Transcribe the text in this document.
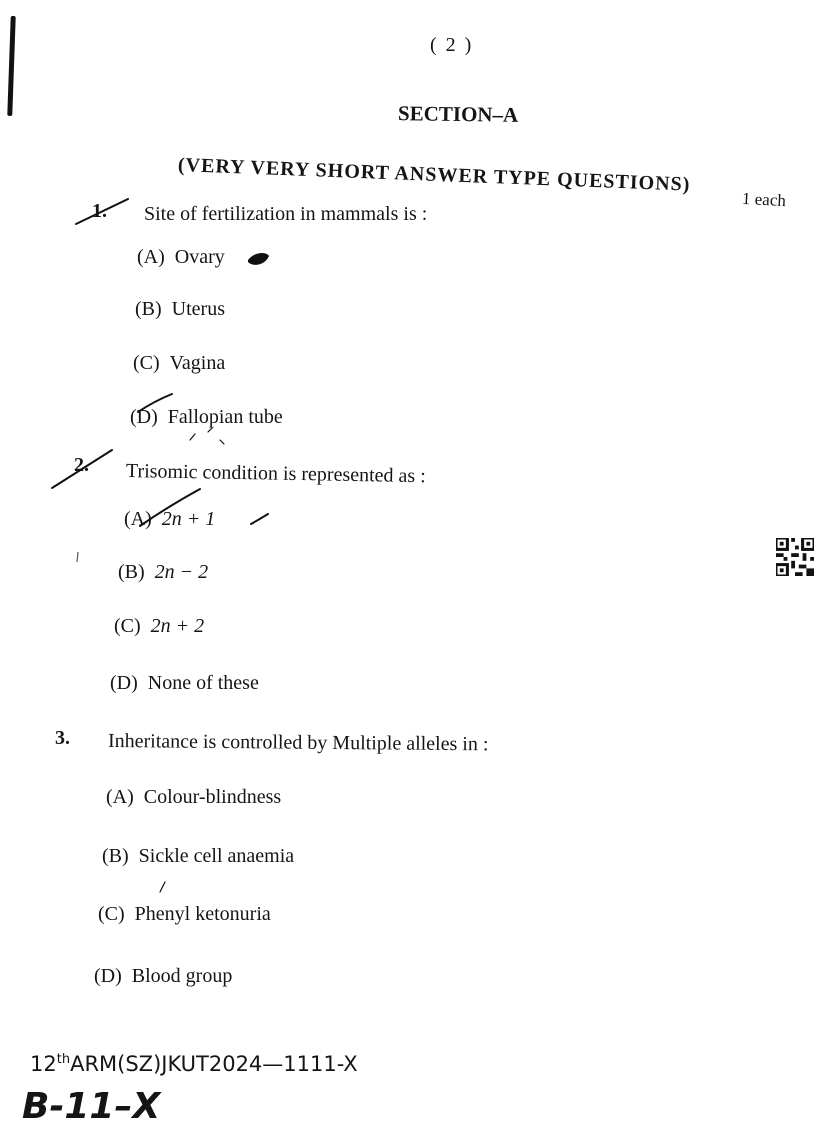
( 2 )
SECTION–A
(VERY VERY SHORT ANSWER TYPE QUESTIONS)
1 each
1. Site of fertilization in mammals is :
(A) Ovary
(B) Uterus
(C) Vagina
(D) Fallopian tube
2. Trisomic condition is represented as :
(A) 2n + 1
(B) 2n − 2
(C) 2n + 2
(D) None of these
3. Inheritance is controlled by Multiple alleles in :
(A) Colour-blindness
(B) Sickle cell anaemia
(C) Phenyl ketonuria
(D) Blood group
12thARM(SZ)JKUT2024—1111-X
B-11–X
